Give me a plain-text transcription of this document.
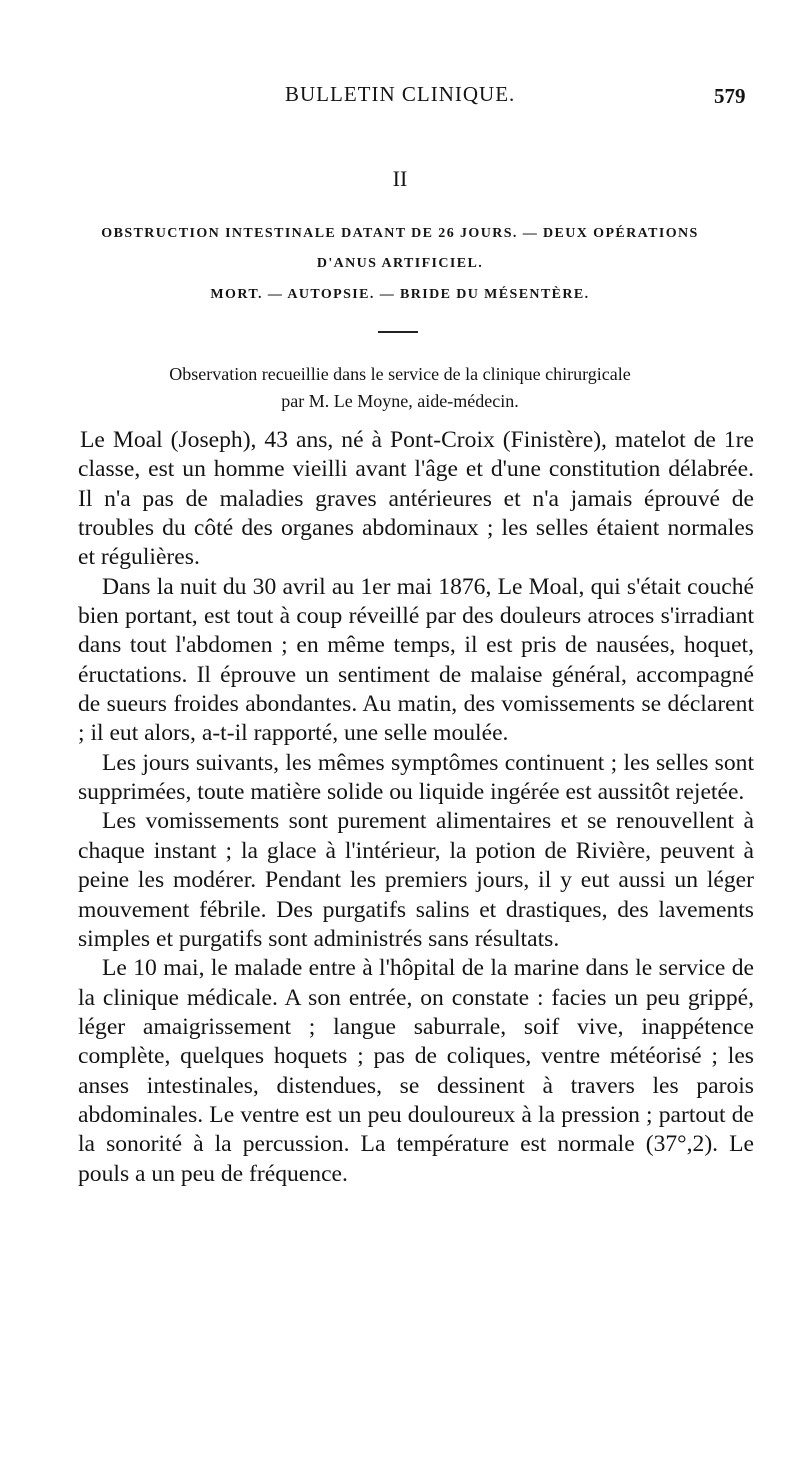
BULLETIN CLINIQUE.	579
II
OBSTRUCTION INTESTINALE DATANT DE 26 JOURS. — DEUX OPÉRATIONS
D'ANUS ARTIFICIEL.
MORT. — AUTOPSIE. — BRIDE DU MÉSENTÈRE.
Observation recueillie dans le service de la clinique chirurgicale
par M. Le Moyne, aide-médecin.

Le Moal (Joseph), 43 ans, né à Pont-Croix (Finistère), matelot de 1re classe, est un homme vieilli avant l'âge et d'une constitution délabrée. Il n'a pas de maladies graves antérieures et n'a jamais éprouvé de troubles du côté des organes abdominaux ; les selles étaient normales et régulières.

Dans la nuit du 30 avril au 1er mai 1876, Le Moal, qui s'était couché bien portant, est tout à coup réveillé par des douleurs atroces s'irradiant dans tout l'abdomen ; en même temps, il est pris de nausées, hoquet, éructations. Il éprouve un sentiment de malaise général, accompagné de sueurs froides abondantes. Au matin, des vomissements se déclarent ; il eut alors, a-t-il rapporté, une selle moulée.

Les jours suivants, les mêmes symptômes continuent ; les selles sont supprimées, toute matière solide ou liquide ingérée est aussitôt rejetée.

Les vomissements sont purement alimentaires et se renouvellent à chaque instant ; la glace à l'intérieur, la potion de Rivière, peuvent à peine les modérer. Pendant les premiers jours, il y eut aussi un léger mouvement fébrile. Des purgatifs salins et drastiques, des lavements simples et purgatifs sont administrés sans résultats.

Le 10 mai, le malade entre à l'hôpital de la marine dans le service de la clinique médicale. A son entrée, on constate : facies un peu grippé, léger amaigrissement ; langue saburrale, soif vive, inappétence complète, quelques hoquets ; pas de coliques, ventre météorisé ; les anses intestinales, distendues, se dessinent à travers les parois abdominales. Le ventre est un peu douloureux à la pression ; partout de la sonorité à la percussion. La température est normale (37°,2). Le pouls a un peu de fréquence.
